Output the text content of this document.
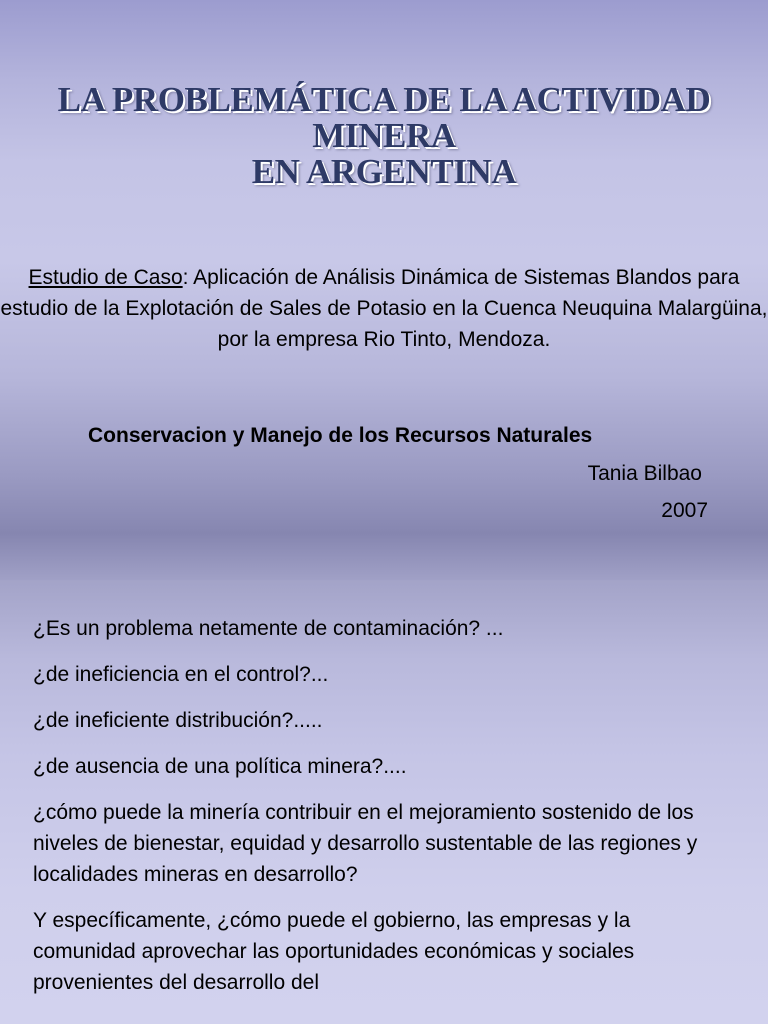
LA PROBLEMÁTICA DE LA ACTIVIDAD MINERA
EN ARGENTINA
Estudio de Caso: Aplicación de Análisis Dinámica de Sistemas Blandos para estudio de la Explotación de Sales de Potasio en la Cuenca Neuquina Malargüina, por la empresa Rio Tinto, Mendoza.
Conservacion y Manejo de los Recursos Naturales
Tania Bilbao
2007

¿Es un problema netamente de contaminación? ...

¿de ineficiencia en el control?...

¿de ineficiente distribución?.....

¿de ausencia de una política minera?....

¿cómo puede la minería contribuir en el mejoramiento sostenido de los niveles de bienestar, equidad y desarrollo sustentable de las regiones y localidades mineras en desarrollo?

Y específicamente, ¿cómo puede el gobierno, las empresas y la comunidad aprovechar las oportunidades económicas y sociales provenientes del desarrollo del
